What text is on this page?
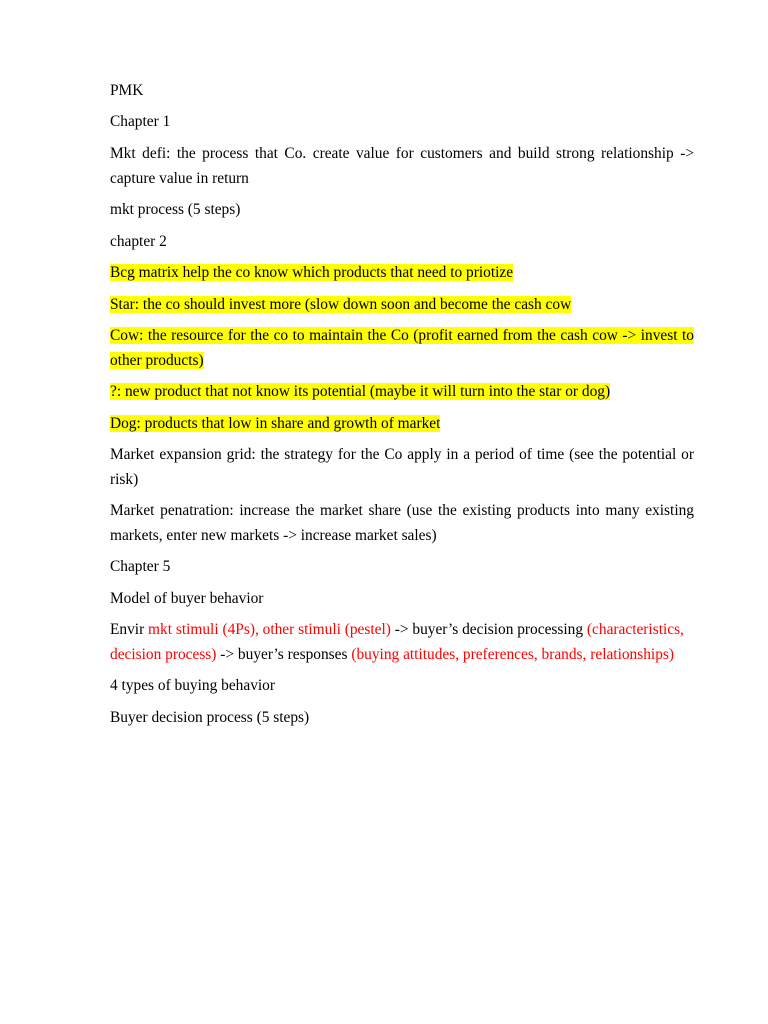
PMK

Chapter 1

Mkt defi: the process that Co. create value for customers and build strong relationship -> capture value in return

mkt process (5 steps)

chapter 2

Bcg matrix help the co know which products that need to priotize

Star: the co should invest more (slow down soon and become the cash cow

Cow: the resource for the co to maintain the Co (profit earned from the cash cow -> invest to other products)

?: new product that not know its potential (maybe it will turn into the star or dog)

Dog: products that low in share and growth of market

Market expansion grid: the strategy for the Co apply in a period of time (see the potential or risk)

Market penatration: increase the market share (use the existing products into many existing markets, enter new markets -> increase market sales)

Chapter 5

Model of buyer behavior

Envir mkt stimuli (4Ps), other stimuli (pestel) -> buyer’s decision processing (characteristics, decision process) -> buyer’s responses (buying attitudes, preferences, brands, relationships)

4 types of buying behavior

Buyer decision process (5 steps)
